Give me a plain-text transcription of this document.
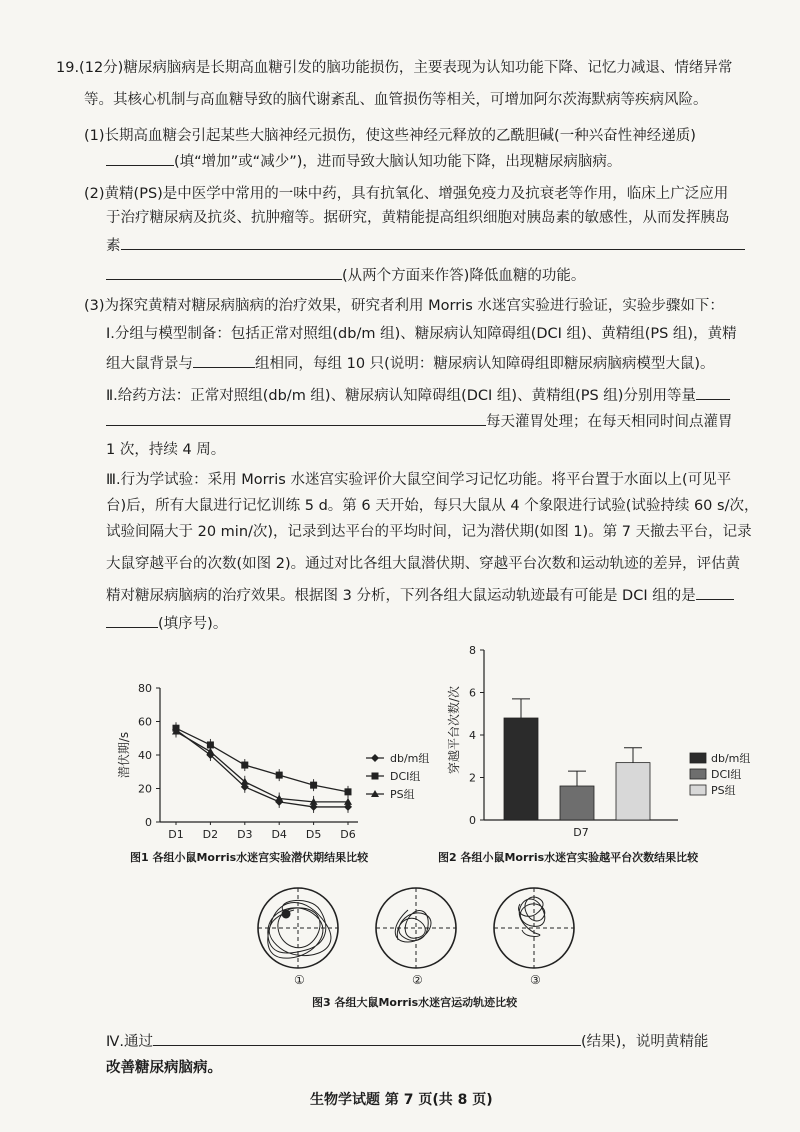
19.(12分)糖尿病脑病是长期高血糖引发的脑功能损伤，主要表现为认知功能下降、记忆力减退、情绪异常
等。其核心机制与高血糖导致的脑代谢紊乱、血管损伤等相关，可增加阿尔茨海默病等疾病风险。
(1)长期高血糖会引起某些大脑神经元损伤，使这些神经元释放的乙酰胆碱(一种兴奋性神经递质)
(填“增加”或“减少”)，进而导致大脑认知功能下降，出现糖尿病脑病。
(2)黄精(PS)是中医学中常用的一味中药，具有抗氧化、增强免疫力及抗衰老等作用，临床上广泛应用
于治疗糖尿病及抗炎、抗肿瘤等。据研究，黄精能提高组织细胞对胰岛素的敏感性，从而发挥胰岛
素
(从两个方面来作答)降低血糖的功能。
(3)为探究黄精对糖尿病脑病的治疗效果，研究者利用 Morris 水迷宫实验进行验证，实验步骤如下：
Ⅰ.分组与模型制备：包括正常对照组(db/m 组)、糖尿病认知障碍组(DCI 组)、黄精组(PS 组)，黄精
组大鼠背景与	组相同，每组 10 只(说明：糖尿病认知障碍组即糖尿病脑病模型大鼠)。
Ⅱ.给药方法：正常对照组(db/m 组)、糖尿病认知障碍组(DCI 组)、黄精组(PS 组)分别用等量
每天灌胃处理；在每天相同时间点灌胃
1 次，持续 4 周。
Ⅲ.行为学试验：采用 Morris 水迷宫实验评价大鼠空间学习记忆功能。将平台置于水面以上(可见平
台)后，所有大鼠进行记忆训练 5 d。第 6 天开始，每只大鼠从 4 个象限进行试验(试验持续 60 s/次，
试验间隔大于 20 min/次)，记录到达平台的平均时间，记为潜伏期(如图 1)。第 7 天撤去平台，记录
大鼠穿越平台的次数(如图 2)。通过对比各组大鼠潜伏期、穿越平台次数和运动轨迹的差异，评估黄
精对糖尿病脑病的治疗效果。根据图 3 分析，下列各组大鼠运动轨迹最有可能是 DCI 组的是
(填序号)。
0
20
40
60
80
D1 D2 D3 D4 D5 D6
潜伏期/s	db/m组
DCI组
PS组
图1 各组小鼠Morris水迷宫实验潜伏期结果比较
0
2
4
6
8
穿越平台次数/次
D7
db/m组
DCI组
PS组
图2 各组小鼠Morris水迷宫实验越平台次数结果比较
①	②	③
图3 各组大鼠Morris水迷宫运动轨迹比较
Ⅳ.通过	(结果)，说明黄精能
改善糖尿病脑病。
生物学试题 第 7 页(共 8 页)
